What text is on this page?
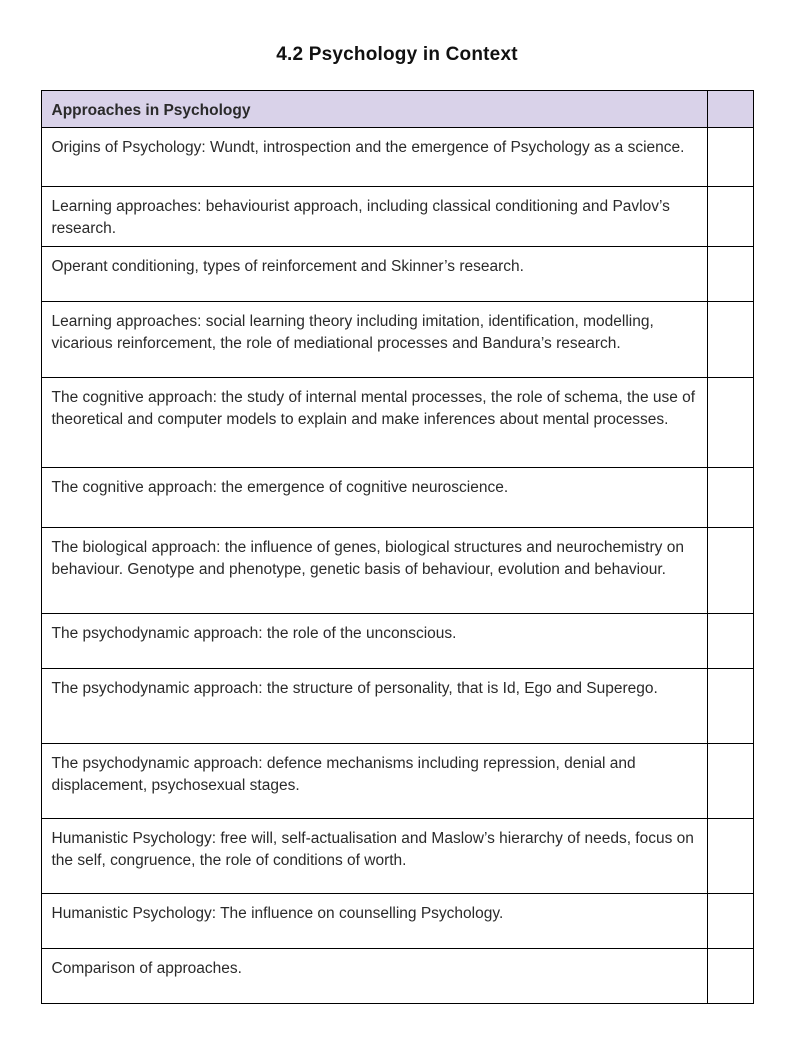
4.2 Psychology in Context
Approaches in Psychology	
Origins of Psychology: Wundt, introspection and the emergence of Psychology as a science.	
Learning approaches: behaviourist approach, including classical conditioning and Pavlov’s research.	
Operant conditioning, types of reinforcement and Skinner’s research.	
Learning approaches: social learning theory including imitation, identification, modelling, vicarious reinforcement, the role of mediational processes and Bandura’s research.	
The cognitive approach: the study of internal mental processes, the role of schema, the use of theoretical and computer models to explain and make inferences about mental processes.	
The cognitive approach: the emergence of cognitive neuroscience.	
The biological approach: the influence of genes, biological structures and neurochemistry on behaviour. Genotype and phenotype, genetic basis of behaviour, evolution and behaviour.	
The psychodynamic approach: the role of the unconscious.	
The psychodynamic approach: the structure of personality, that is Id, Ego and Superego.	
The psychodynamic approach: defence mechanisms including repression, denial and displacement, psychosexual stages.	
Humanistic Psychology: free will, self-actualisation and Maslow’s hierarchy of needs, focus on the self, congruence, the role of conditions of worth.	
Humanistic Psychology: The influence on counselling Psychology.	
Comparison of approaches.	
